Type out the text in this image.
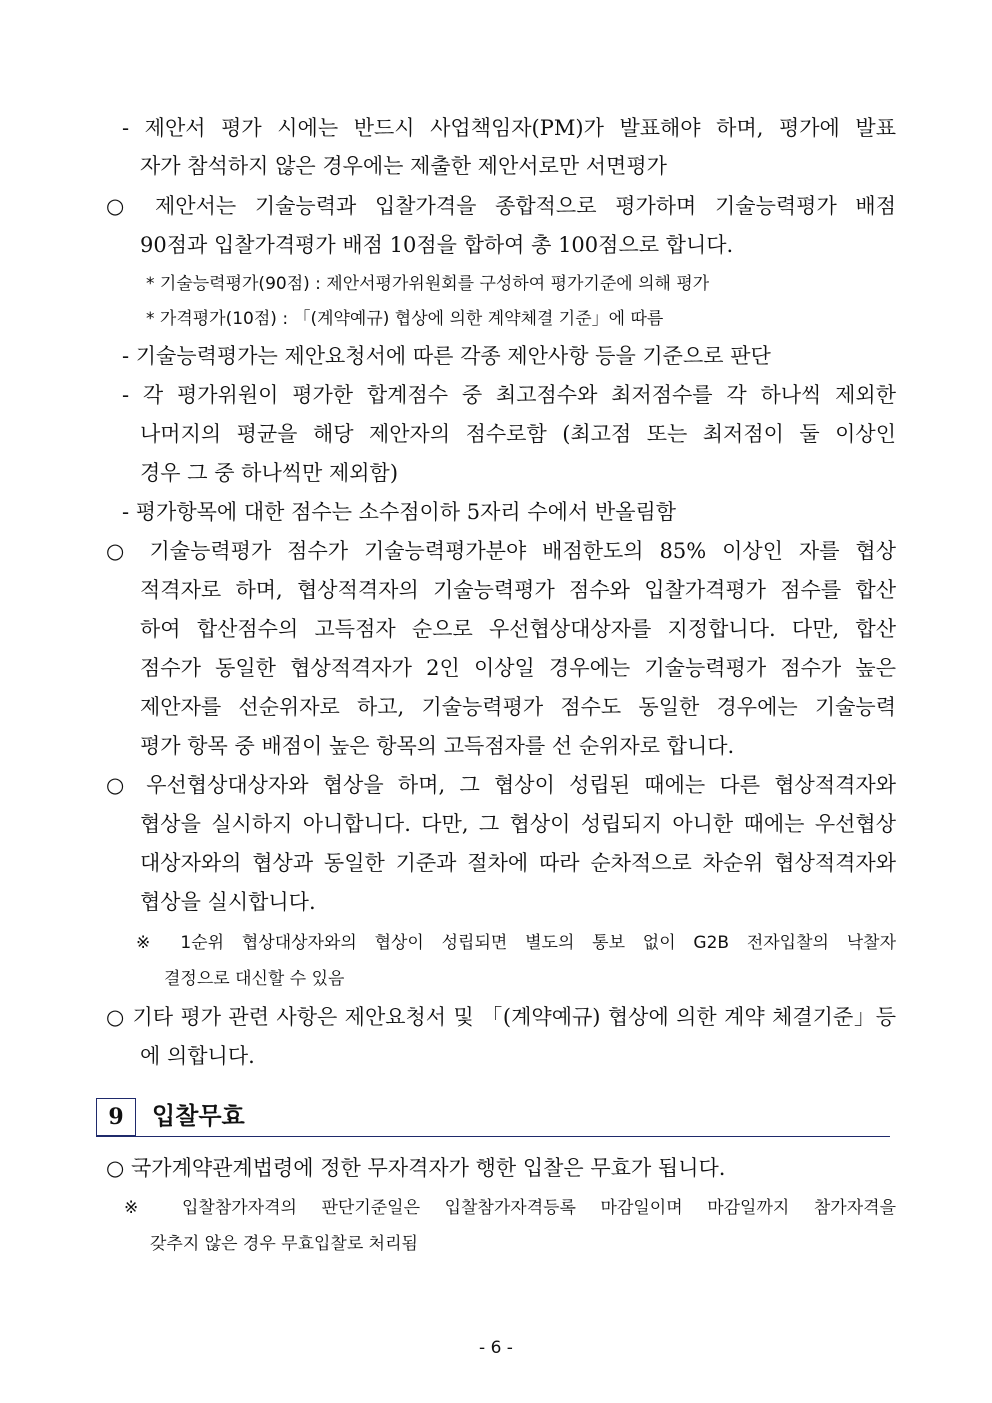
- 제안서 평가 시에는 반드시 사업책임자(PM)가 발표해야 하며, 평가에 발표
자가 참석하지 않은 경우에는 제출한 제안서로만 서면평가
○ 제안서는 기술능력과 입찰가격을 종합적으로 평가하며 기술능력평가 배점
90점과 입찰가격평가 배점 10점을 합하여 총 100점으로 합니다.
* 기술능력평가(90점) : 제안서평가위원회를 구성하여 평가기준에 의해 평가
* 가격평가(10점) : 「(계약예규) 협상에 의한 계약체결 기준」에 따름
- 기술능력평가는 제안요청서에 따른 각종 제안사항 등을 기준으로 판단
- 각 평가위원이 평가한 합계점수 중 최고점수와 최저점수를 각 하나씩 제외한
나머지의 평균을 해당 제안자의 점수로함 (최고점 또는 최저점이 둘 이상인
경우 그 중 하나씩만 제외함)
- 평가항목에 대한 점수는 소수점이하 5자리 수에서 반올림함
○ 기술능력평가 점수가 기술능력평가분야 배점한도의 85% 이상인 자를 협상
적격자로 하며, 협상적격자의 기술능력평가 점수와 입찰가격평가 점수를 합산
하여 합산점수의 고득점자 순으로 우선협상대상자를 지정합니다. 다만, 합산
점수가 동일한 협상적격자가 2인 이상일 경우에는 기술능력평가 점수가 높은
제안자를 선순위자로 하고, 기술능력평가 점수도 동일한 경우에는 기술능력
평가 항목 중 배점이 높은 항목의 고득점자를 선 순위자로 합니다.
○ 우선협상대상자와 협상을 하며, 그 협상이 성립된 때에는 다른 협상적격자와
협상을 실시하지 아니합니다. 다만, 그 협상이 성립되지 아니한 때에는 우선협상
대상자와의 협상과 동일한 기준과 절차에 따라 순차적으로 차순위 협상적격자와
협상을 실시합니다.
※ 1순위 협상대상자와의 협상이 성립되면 별도의 통보 없이 G2B 전자입찰의 낙찰자
결정으로 대신할 수 있음
○ 기타 평가 관련 사항은 제안요청서 및 「(계약예규) 협상에 의한 계약 체결기준」등
에 의합니다.
9	입찰무효
○ 국가계약관계법령에 정한 무자격자가 행한 입찰은 무효가 됩니다.
※ 입찰참가자격의 판단기준일은 입찰참가자격등록 마감일이며 마감일까지 참가자격을
갖추지 않은 경우 무효입찰로 처리됨
- 6 -
